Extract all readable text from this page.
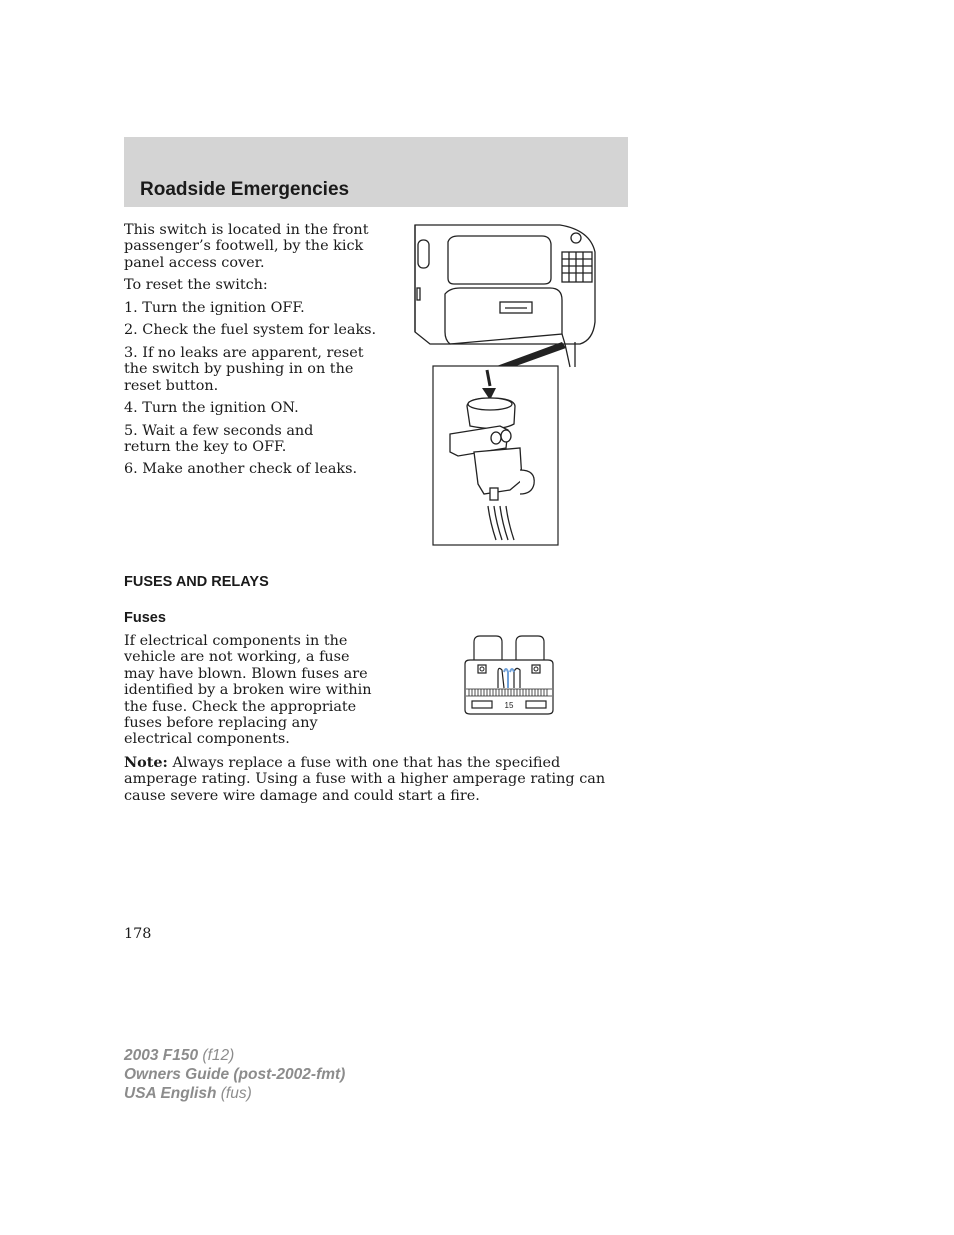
Roadside Emergencies

This switch is located in the front passenger’s footwell, by the kick panel access cover.

To reset the switch:

1. Turn the ignition OFF.

2. Check the fuel system for leaks.

3. If no leaks are apparent, reset the switch by pushing in on the reset button.

4. Turn the ignition ON.

5. Wait a few seconds and return the key to OFF.

6. Make another check of leaks.

FUSES AND RELAYS
Fuses

If electrical components in the vehicle are not working, a fuse may have blown. Blown fuses are identified by a broken wire within the fuse. Check the appropriate fuses before replacing any electrical components.

15

Note: Always replace a fuse with one that has the specified amperage rating. Using a fuse with a higher amperage rating can cause severe wire damage and could start a fire.

178

2003 F150 (f12)
Owners Guide (post-2002-fmt)
USA English (fus)
